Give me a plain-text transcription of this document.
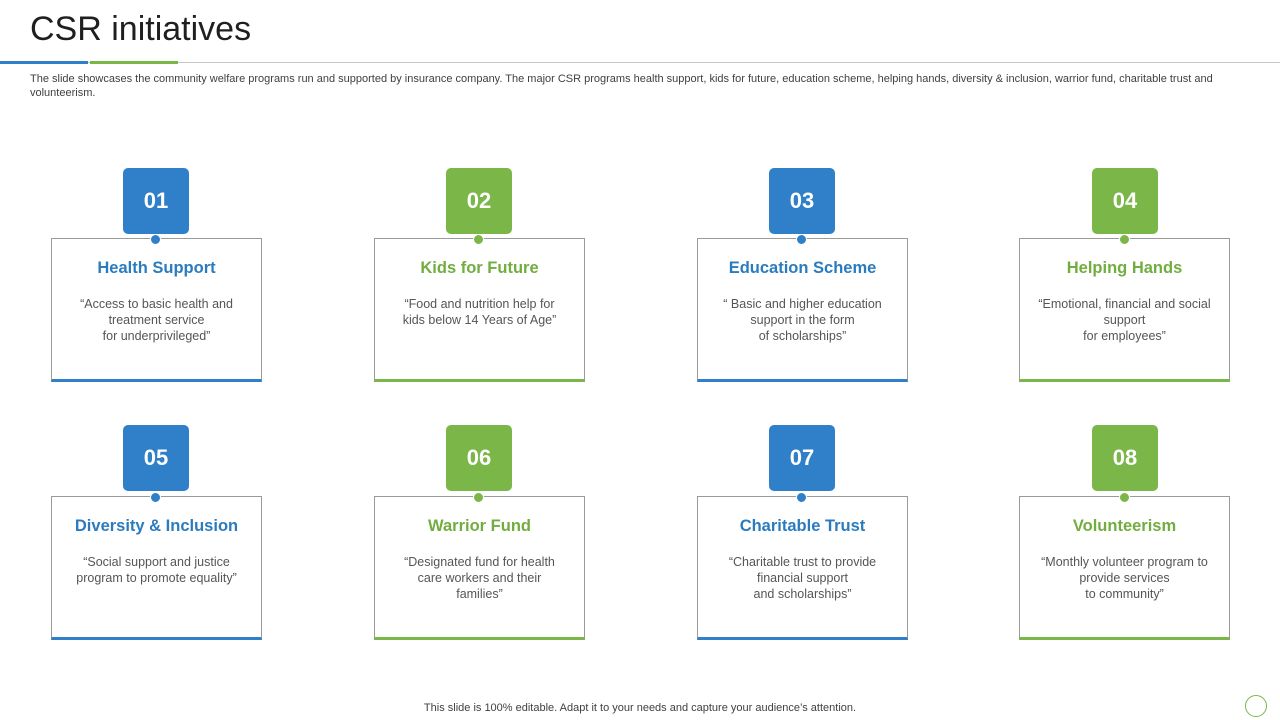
CSR initiatives

The slide showcases the community welfare programs run and supported by insurance company. The major CSR programs health support, kids for future, education scheme, helping hands, diversity & inclusion, warrior fund, charitable trust and volunteerism.

01
Health Support
“Access to basic health and treatment service
for underprivileged”
02
Kids for Future
“Food and nutrition help for kids below 14 Years of Age”
03
Education Scheme
“ Basic and higher education support in the form
of scholarships”
04
Helping Hands
“Emotional, financial and social support
for employees”
05
Diversity & Inclusion
“Social support and justice program to promote equality”
06
Warrior Fund
“Designated fund for health care workers and their families”
07
Charitable Trust
“Charitable trust to provide financial support
and scholarships”
08
Volunteerism
“Monthly volunteer program to provide services
to community”
This slide is 100% editable. Adapt it to your needs and capture your audience’s attention.
